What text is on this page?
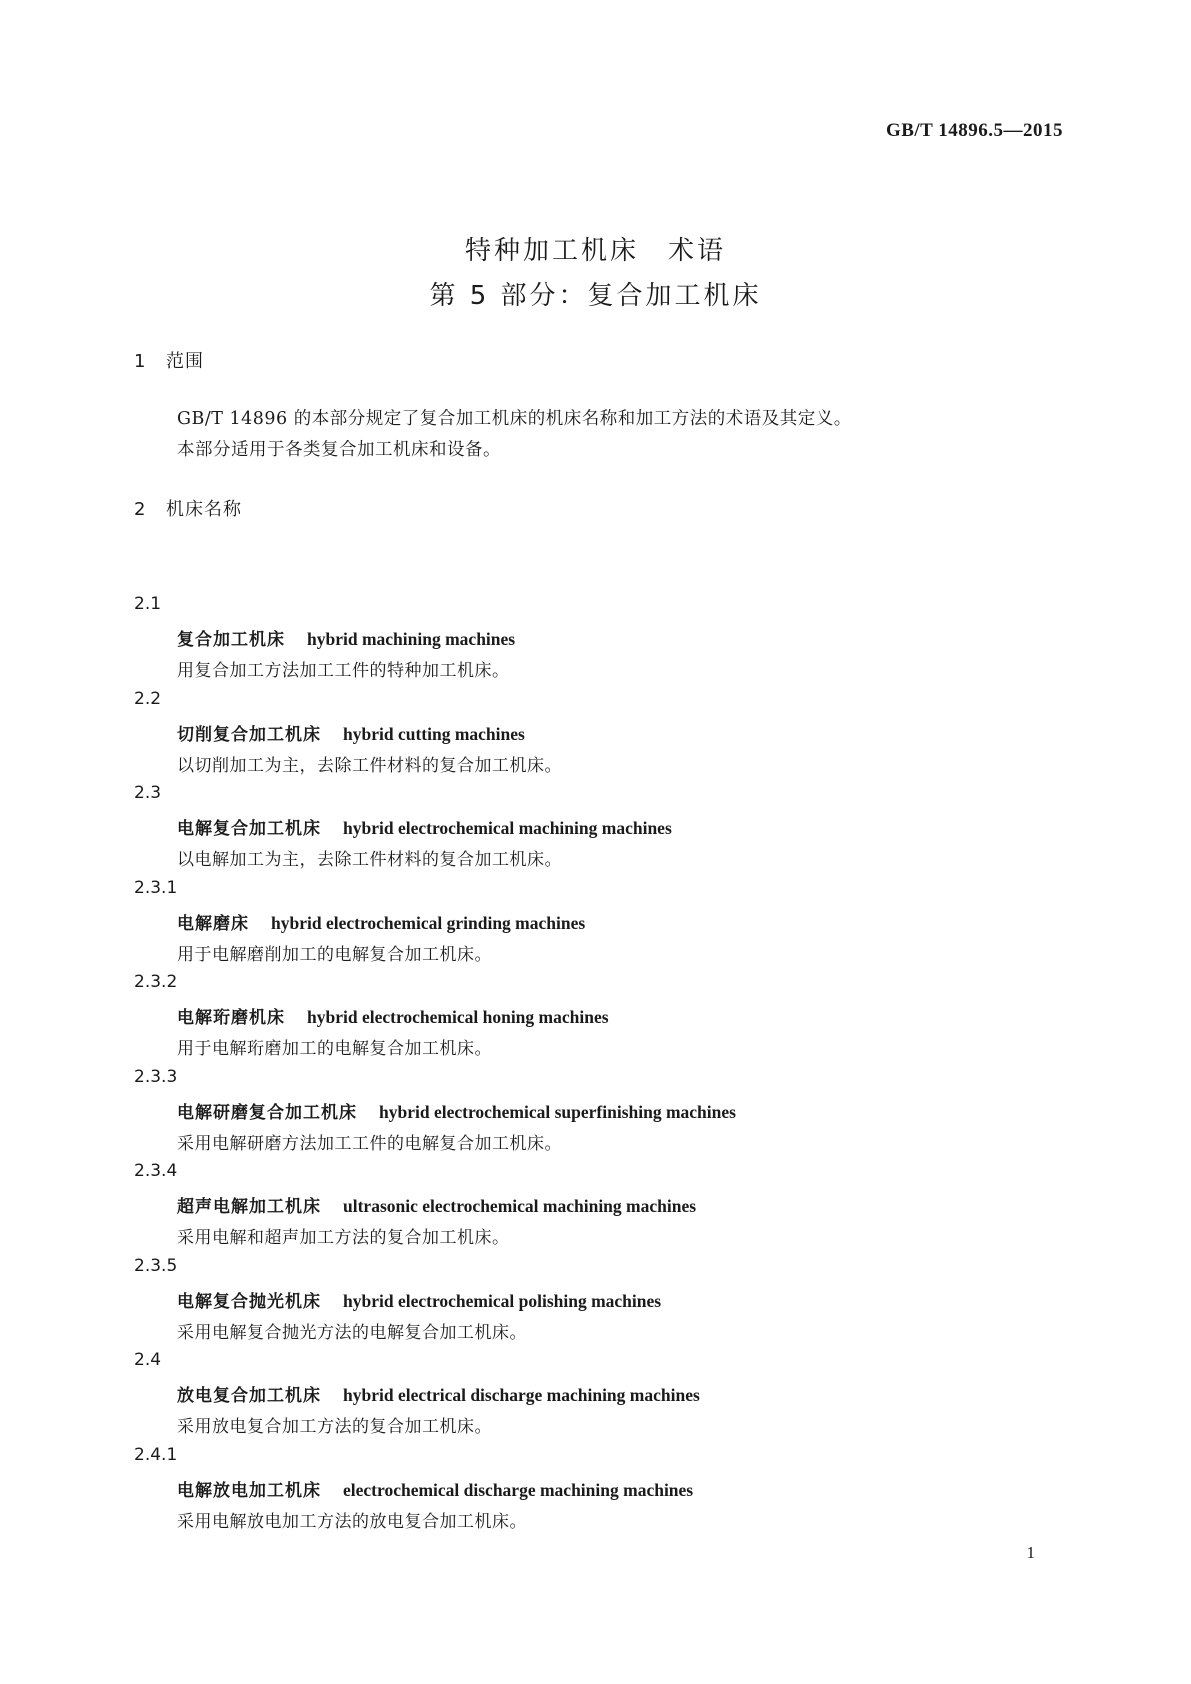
GB/T 14896.5—2015
特种加工机床　术语
第 5 部分：复合加工机床
1 范围
GB/T 14896 的本部分规定了复合加工机床的机床名称和加工方法的术语及其定义。
本部分适用于各类复合加工机床和设备。
2 机床名称
2.1
复合加工机床 hybrid machining machines
用复合加工方法加工工件的特种加工机床。
2.2
切削复合加工机床 hybrid cutting machines
以切削加工为主，去除工件材料的复合加工机床。
2.3
电解复合加工机床 hybrid electrochemical machining machines
以电解加工为主，去除工件材料的复合加工机床。
2.3.1
电解磨床 hybrid electrochemical grinding machines
用于电解磨削加工的电解复合加工机床。
2.3.2
电解珩磨机床 hybrid electrochemical honing machines
用于电解珩磨加工的电解复合加工机床。
2.3.3
电解研磨复合加工机床 hybrid electrochemical superfinishing machines
采用电解研磨方法加工工件的电解复合加工机床。
2.3.4
超声电解加工机床 ultrasonic electrochemical machining machines
采用电解和超声加工方法的复合加工机床。
2.3.5
电解复合抛光机床 hybrid electrochemical polishing machines
采用电解复合抛光方法的电解复合加工机床。
2.4
放电复合加工机床 hybrid electrical discharge machining machines
采用放电复合加工方法的复合加工机床。
2.4.1
电解放电加工机床 electrochemical discharge machining machines
采用电解放电加工方法的放电复合加工机床。
1
